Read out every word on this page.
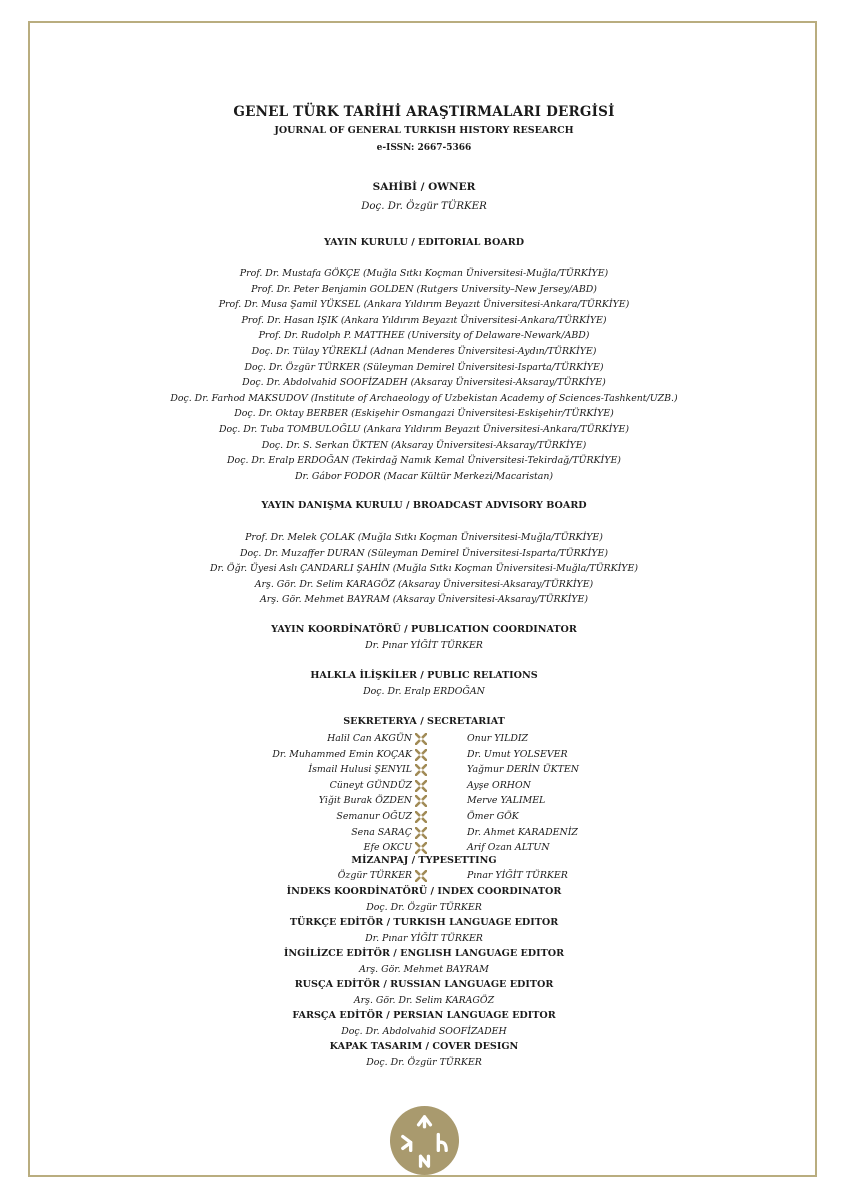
GENEL TÜRK TARİHİ ARAŞTIRMALARI DERGİSİ
JOURNAL OF GENERAL TURKISH HISTORY RESEARCH
e-ISSN: 2667-5366
SAHİBİ / OWNER
Doç. Dr. Özgür TÜRKER
YAYIN KURULU / EDITORIAL BOARD
Prof. Dr. Mustafa GÖKÇE (Muğla Sıtkı Koçman Üniversitesi-Muğla/TÜRKİYE)
Prof. Dr. Peter Benjamin GOLDEN (Rutgers University–New Jersey/ABD)
Prof. Dr. Musa Şamil YÜKSEL (Ankara Yıldırım Beyazıt Üniversitesi-Ankara/TÜRKİYE)
Prof. Dr. Hasan IŞIK (Ankara Yıldırım Beyazıt Üniversitesi-Ankara/TÜRKİYE)
Prof. Dr. Rudolph P. MATTHEE (University of Delaware-Newark/ABD)
Doç. Dr. Tülay YÜREKLİ (Adnan Menderes Üniversitesi-Aydın/TÜRKİYE)
Doç. Dr. Özgür TÜRKER (Süleyman Demirel Üniversitesi-Isparta/TÜRKİYE)
Doç. Dr. Abdolvahid SOOFİZADEH (Aksaray Üniversitesi-Aksaray/TÜRKİYE)
Doç. Dr. Farhod MAKSUDOV (Institute of Archaeology of Uzbekistan Academy of Sciences-Tashkent/UZB.)
Doç. Dr. Oktay BERBER (Eskişehir Osmangazi Üniversitesi-Eskişehir/TÜRKİYE)
Doç. Dr. Tuba TOMBULOĞLU (Ankara Yıldırım Beyazıt Üniversitesi-Ankara/TÜRKİYE)
Doç. Dr. S. Serkan ÜKTEN (Aksaray Üniversitesi-Aksaray/TÜRKİYE)
Doç. Dr. Eralp ERDOĞAN (Tekirdağ Namık Kemal Üniversitesi-Tekirdağ/TÜRKİYE)
Dr. Gábor FODOR (Macar Kültür Merkezi/Macaristan)
YAYIN DANIŞMA KURULU / BROADCAST ADVISORY BOARD
Prof. Dr. Melek ÇOLAK (Muğla Sıtkı Koçman Üniversitesi-Muğla/TÜRKİYE)
Doç. Dr. Muzaffer DURAN (Süleyman Demirel Üniversitesi-Isparta/TÜRKİYE)
Dr. Öğr. Üyesi Aslı ÇANDARLI ŞAHİN (Muğla Sıtkı Koçman Üniversitesi-Muğla/TÜRKİYE)
Arş. Gör. Dr. Selim KARAGÖZ (Aksaray Üniversitesi-Aksaray/TÜRKİYE)
Arş. Gör. Mehmet BAYRAM (Aksaray Üniversitesi-Aksaray/TÜRKİYE)
YAYIN KOORDİNATÖRÜ / PUBLICATION COORDINATOR
Dr. Pınar YİĞİT TÜRKER
HALKLA İLİŞKİLER / PUBLIC RELATIONS
Doç. Dr. Eralp ERDOĞAN
SEKRETERYA / SECRETARIAT
Halil Can AKGÜN	Onur YILDIZ
Dr. Muhammed Emin KOÇAK	Dr. Umut YOLSEVER
İsmail Hulusi ŞENYIL	Yağmur DERİN ÜKTEN
Cüneyt GÜNDÜZ	Ayşe ORHON
Yiğit Burak ÖZDEN	Merve YALIMEL
Semanur OĞUZ	Ömer GÖK
Sena SARAÇ	Dr. Ahmet KARADENİZ
Efe OKCU	Arif Ozan ALTUN
MİZANPAJ / TYPESETTING
Özgür TÜRKER	Pınar YİĞİT TÜRKER
İNDEKS KOORDİNATÖRÜ / INDEX COORDINATOR
Doç. Dr. Özgür TÜRKER
TÜRKÇE EDİTÖR / TURKISH LANGUAGE EDITOR
Dr. Pınar YİĞİT TÜRKER
İNGİLİZCE EDİTÖR / ENGLISH LANGUAGE EDITOR
Arş. Gör. Mehmet BAYRAM
RUSÇA EDİTÖR / RUSSIAN LANGUAGE EDITOR
Arş. Gör. Dr. Selim KARAGÖZ
FARSÇA EDİTÖR / PERSIAN LANGUAGE EDITOR
Doç. Dr. Abdolvahid SOOFİZADEH
KAPAK TASARIM / COVER DESIGN
Doç. Dr. Özgür TÜRKER
